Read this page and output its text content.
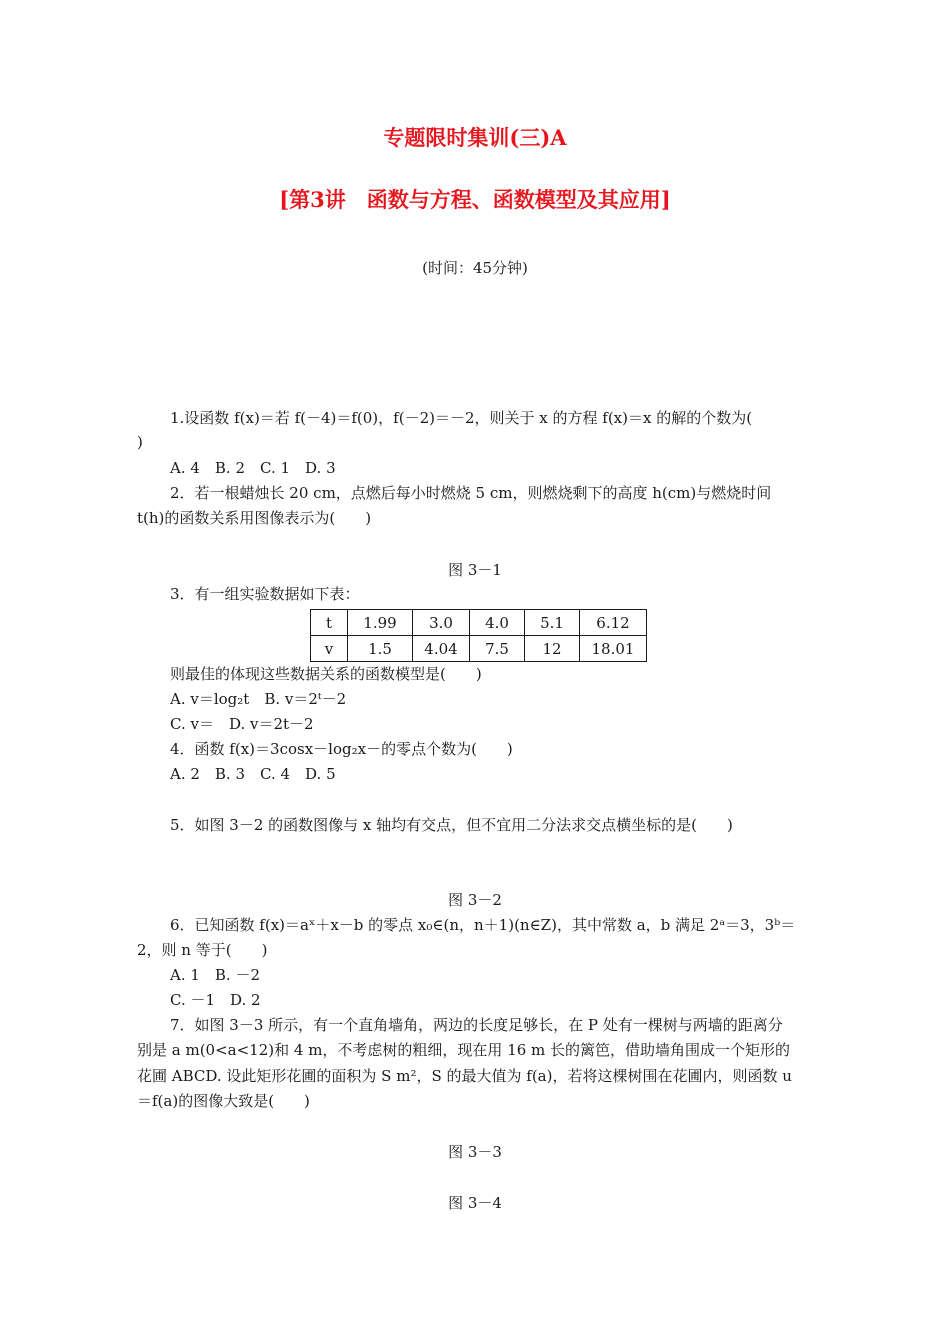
专题限时集训(三)A
[第3讲　函数与方程、函数模型及其应用]
(时间：45分钟)
1.设函数 f(x)＝若 f(－4)＝f(0)，f(－2)＝－2，则关于 x 的方程 f(x)＝x 的解的个数为(
)
A. 4　B. 2　C. 1　D. 3
2．若一根蜡烛长 20 cm，点燃后每小时燃烧 5 cm，则燃烧剩下的高度 h(cm)与燃烧时间
t(h)的函数关系用图像表示为(　　)
图 3－1
3．有一组实验数据如下表：
t	1.99	3.0	4.0	5.1	6.12
v	1.5	4.04	7.5	12	18.01
则最佳的体现这些数据关系的函数模型是(　　)
A. v＝log₂t　B. v＝2ᵗ－2
C. v＝　D. v＝2t－2
4．函数 f(x)＝3cosx－log₂x－的零点个数为(　　)
A. 2　B. 3　C. 4　D. 5
5．如图 3－2 的函数图像与 x 轴均有交点，但不宜用二分法求交点横坐标的是(　　)
图 3－2
6．已知函数 f(x)＝aˣ＋x－b 的零点 x₀∈(n，n＋1)(n∈Z)，其中常数 a，b 满足 2ᵃ＝3，3ᵇ＝
2，则 n 等于(　　)
A. 1　B. －2
C. －1　D. 2
7．如图 3－3 所示，有一个直角墙角，两边的长度足够长，在 P 处有一棵树与两墙的距离分
别是 a m(0<a<12)和 4 m，不考虑树的粗细，现在用 16 m 长的篱笆，借助墙角围成一个矩形的
花圃 ABCD. 设此矩形花圃的面积为 S m²，S 的最大值为 f(a)，若将这棵树围在花圃内，则函数 u
＝f(a)的图像大致是(　　)
图 3－3
图 3－4
